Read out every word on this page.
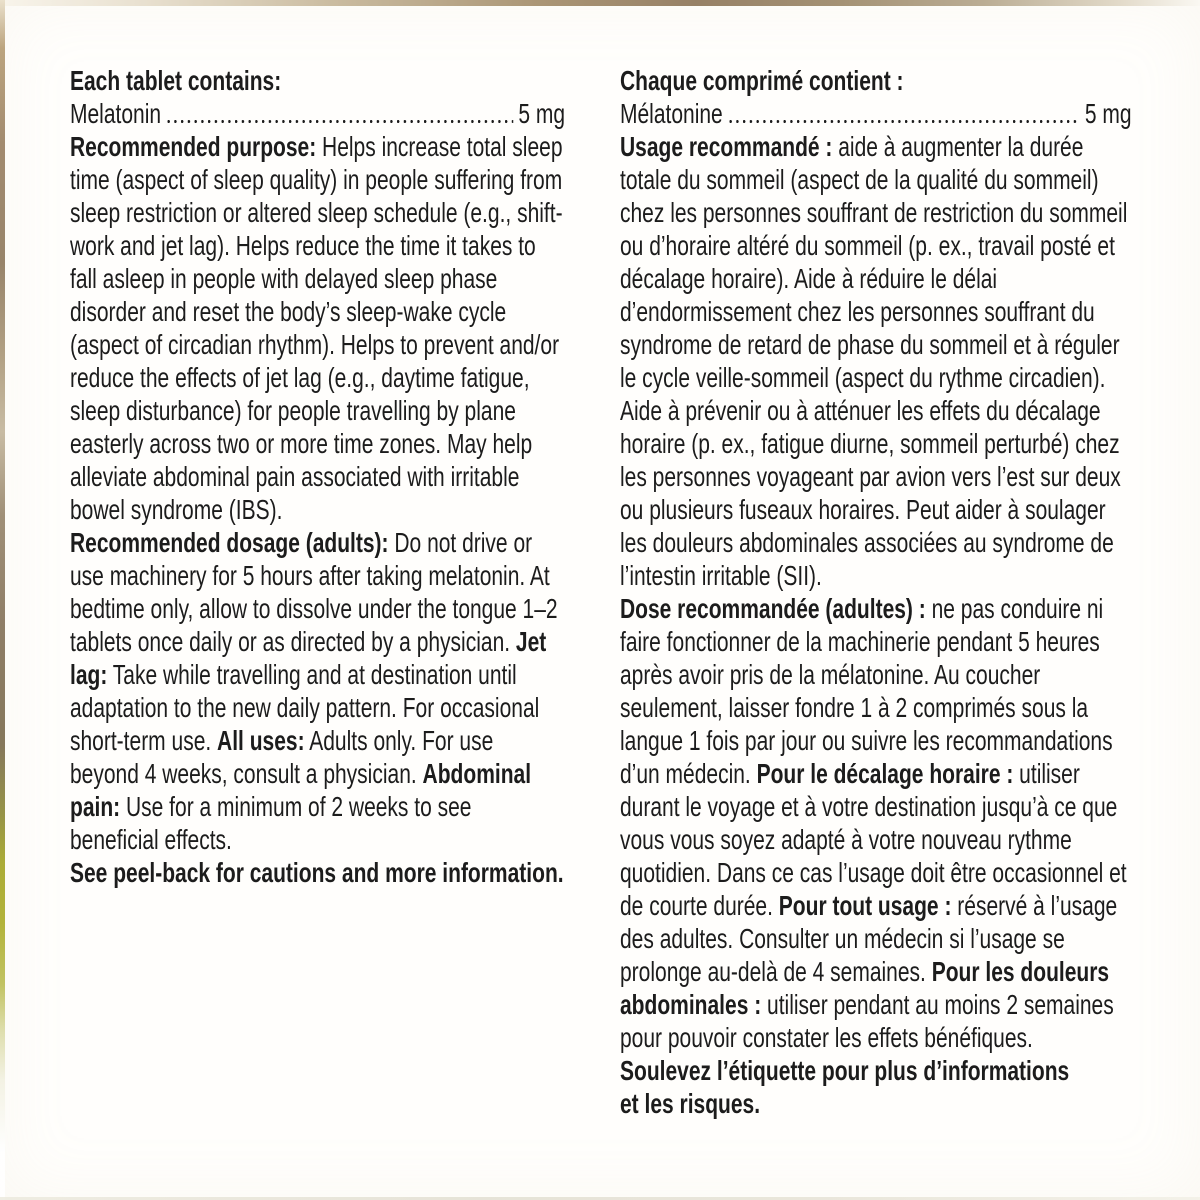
Each tablet contains:

Melatonin	5 mg

Recommended purpose: Helps increase total sleep time (aspect of sleep quality) in people suffering from sleep restriction or altered sleep schedule (e.g., shift-work and jet lag). Helps reduce the time it takes to fall asleep in people with delayed sleep phase disorder and reset the body’s sleep-wake cycle (aspect of circadian rhythm). Helps to prevent and/or reduce the effects of jet lag (e.g., daytime fatigue, sleep disturbance) for people travelling by plane easterly across two or more time zones. May help alleviate abdominal pain associated with irritable bowel syndrome (IBS).

Recommended dosage (adults): Do not drive or use machinery for 5 hours after taking melatonin. At bedtime only, allow to dissolve under the tongue 1–2 tablets once daily or as directed by a physician. Jet lag: Take while travelling and at destination until adaptation to the new daily pattern. For occasional short-term use. All uses: Adults only. For use beyond 4 weeks, consult a physician. Abdominal pain: Use for a minimum of 2 weeks to see beneficial effects.

See peel-back for cautions and more information.

Chaque comprimé contient :

Mélatonine	5 mg

Usage recommandé : aide à augmenter la durée totale du sommeil (aspect de la qualité du sommeil) chez les personnes souffrant de restriction du sommeil ou d’horaire altéré du sommeil (p. ex., travail posté et décalage horaire). Aide à réduire le délai d’endormissement chez les personnes souffrant du syndrome de retard de phase du sommeil et à réguler le cycle veille-sommeil (aspect du rythme circadien). Aide à prévenir ou à atténuer les effets du décalage horaire (p. ex., fatigue diurne, sommeil perturbé) chez les personnes voyageant par avion vers l’est sur deux ou plusieurs fuseaux horaires. Peut aider à soulager les douleurs abdominales associées au syndrome de l’intestin irritable (SII).

Dose recommandée (adultes) : ne pas conduire ni faire fonctionner de la machinerie pendant 5 heures après avoir pris de la mélatonine. Au coucher seulement, laisser fondre 1 à 2 comprimés sous la langue 1 fois par jour ou suivre les recommandations d’un médecin. Pour le décalage horaire : utiliser durant le voyage et à votre destination jusqu’à ce que vous vous soyez adapté à votre nouveau rythme quotidien. Dans ce cas l’usage doit être occasionnel et de courte durée. Pour tout usage : réservé à l’usage des adultes. Consulter un médecin si l’usage se prolonge au-delà de 4 semaines. Pour les douleurs abdominales : utiliser pendant au moins 2 semaines pour pouvoir constater les effets bénéfiques.

Soulevez l’étiquette pour plus d’informations

et les risques.
